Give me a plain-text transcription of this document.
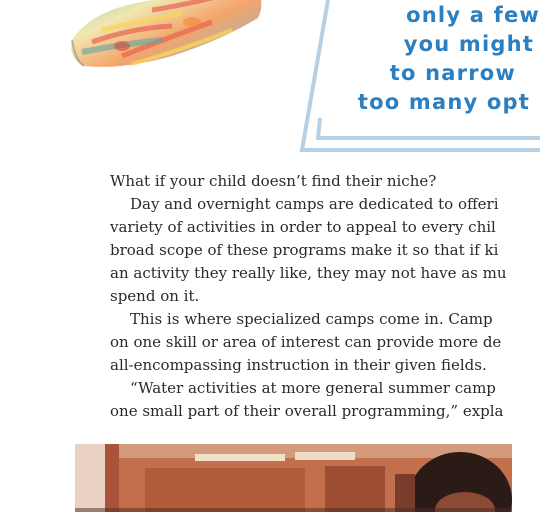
only a few
you might
to narrow
too many opt

What if your child doesn’t find their niche?

Day and overnight camps are dedicated to offeri
variety of activities in order to appeal to every chil
broad scope of these programs make it so that if ki
an activity they really like, they may not have as mu
spend on it.

This is where specialized camps come in. Camp
on one skill or area of interest can provide more de
all-encompassing instruction in their given fields.

“Water activities at more general summer camp
one small part of their overall programming,” expla
